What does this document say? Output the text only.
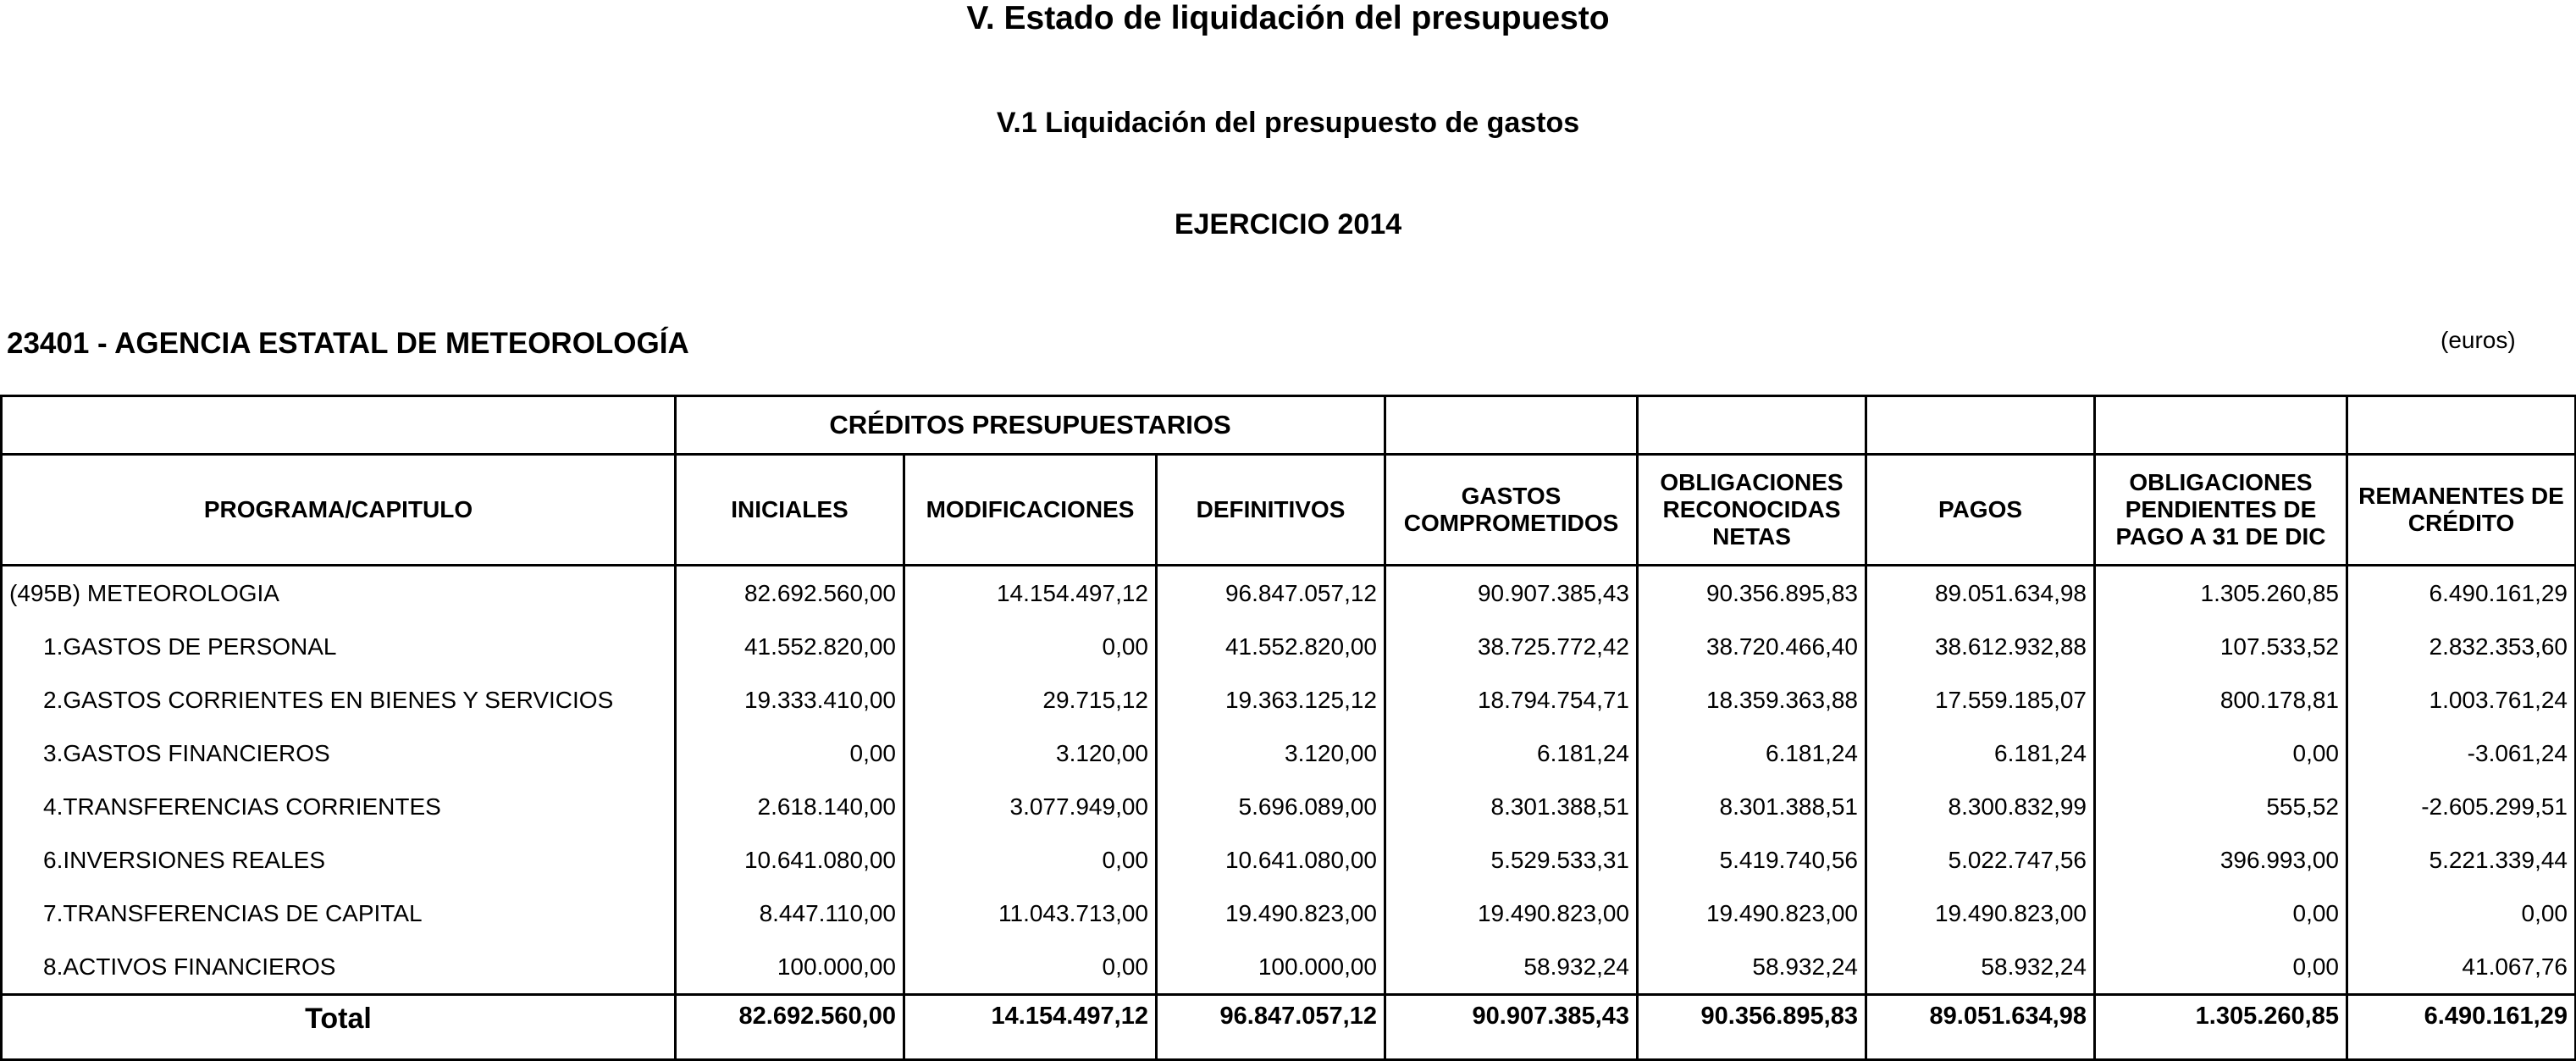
V. Estado de liquidación del presupuesto
V.1 Liquidación del presupuesto de gastos
EJERCICIO 2014
23401 - AGENCIA ESTATAL DE METEOROLOGÍA	(euros)
	CRÉDITOS PRESUPUESTARIOS							
PROGRAMA/CAPITULO	INICIALES	MODIFICACIONES	DEFINITIVOS	GASTOS COMPROMETIDOS	OBLIGACIONES RECONOCIDAS NETAS	PAGOS	OBLIGACIONES PENDIENTES DE PAGO A 31 DE DIC	REMANENTES DE CRÉDITO
(495B) METEOROLOGIA	82.692.560,00	14.154.497,12	96.847.057,12	90.907.385,43	90.356.895,83	89.051.634,98	1.305.260,85	6.490.161,29
1.GASTOS DE PERSONAL	41.552.820,00	0,00	41.552.820,00	38.725.772,42	38.720.466,40	38.612.932,88	107.533,52	2.832.353,60
2.GASTOS CORRIENTES EN BIENES Y SERVICIOS	19.333.410,00	29.715,12	19.363.125,12	18.794.754,71	18.359.363,88	17.559.185,07	800.178,81	1.003.761,24
3.GASTOS FINANCIEROS	0,00	3.120,00	3.120,00	6.181,24	6.181,24	6.181,24	0,00	-3.061,24
4.TRANSFERENCIAS CORRIENTES	2.618.140,00	3.077.949,00	5.696.089,00	8.301.388,51	8.301.388,51	8.300.832,99	555,52	-2.605.299,51
6.INVERSIONES REALES	10.641.080,00	0,00	10.641.080,00	5.529.533,31	5.419.740,56	5.022.747,56	396.993,00	5.221.339,44
7.TRANSFERENCIAS DE CAPITAL	8.447.110,00	11.043.713,00	19.490.823,00	19.490.823,00	19.490.823,00	19.490.823,00	0,00	0,00
8.ACTIVOS FINANCIEROS	100.000,00	0,00	100.000,00	58.932,24	58.932,24	58.932,24	0,00	41.067,76
Total	82.692.560,00	14.154.497,12	96.847.057,12	90.907.385,43	90.356.895,83	89.051.634,98	1.305.260,85	6.490.161,29
